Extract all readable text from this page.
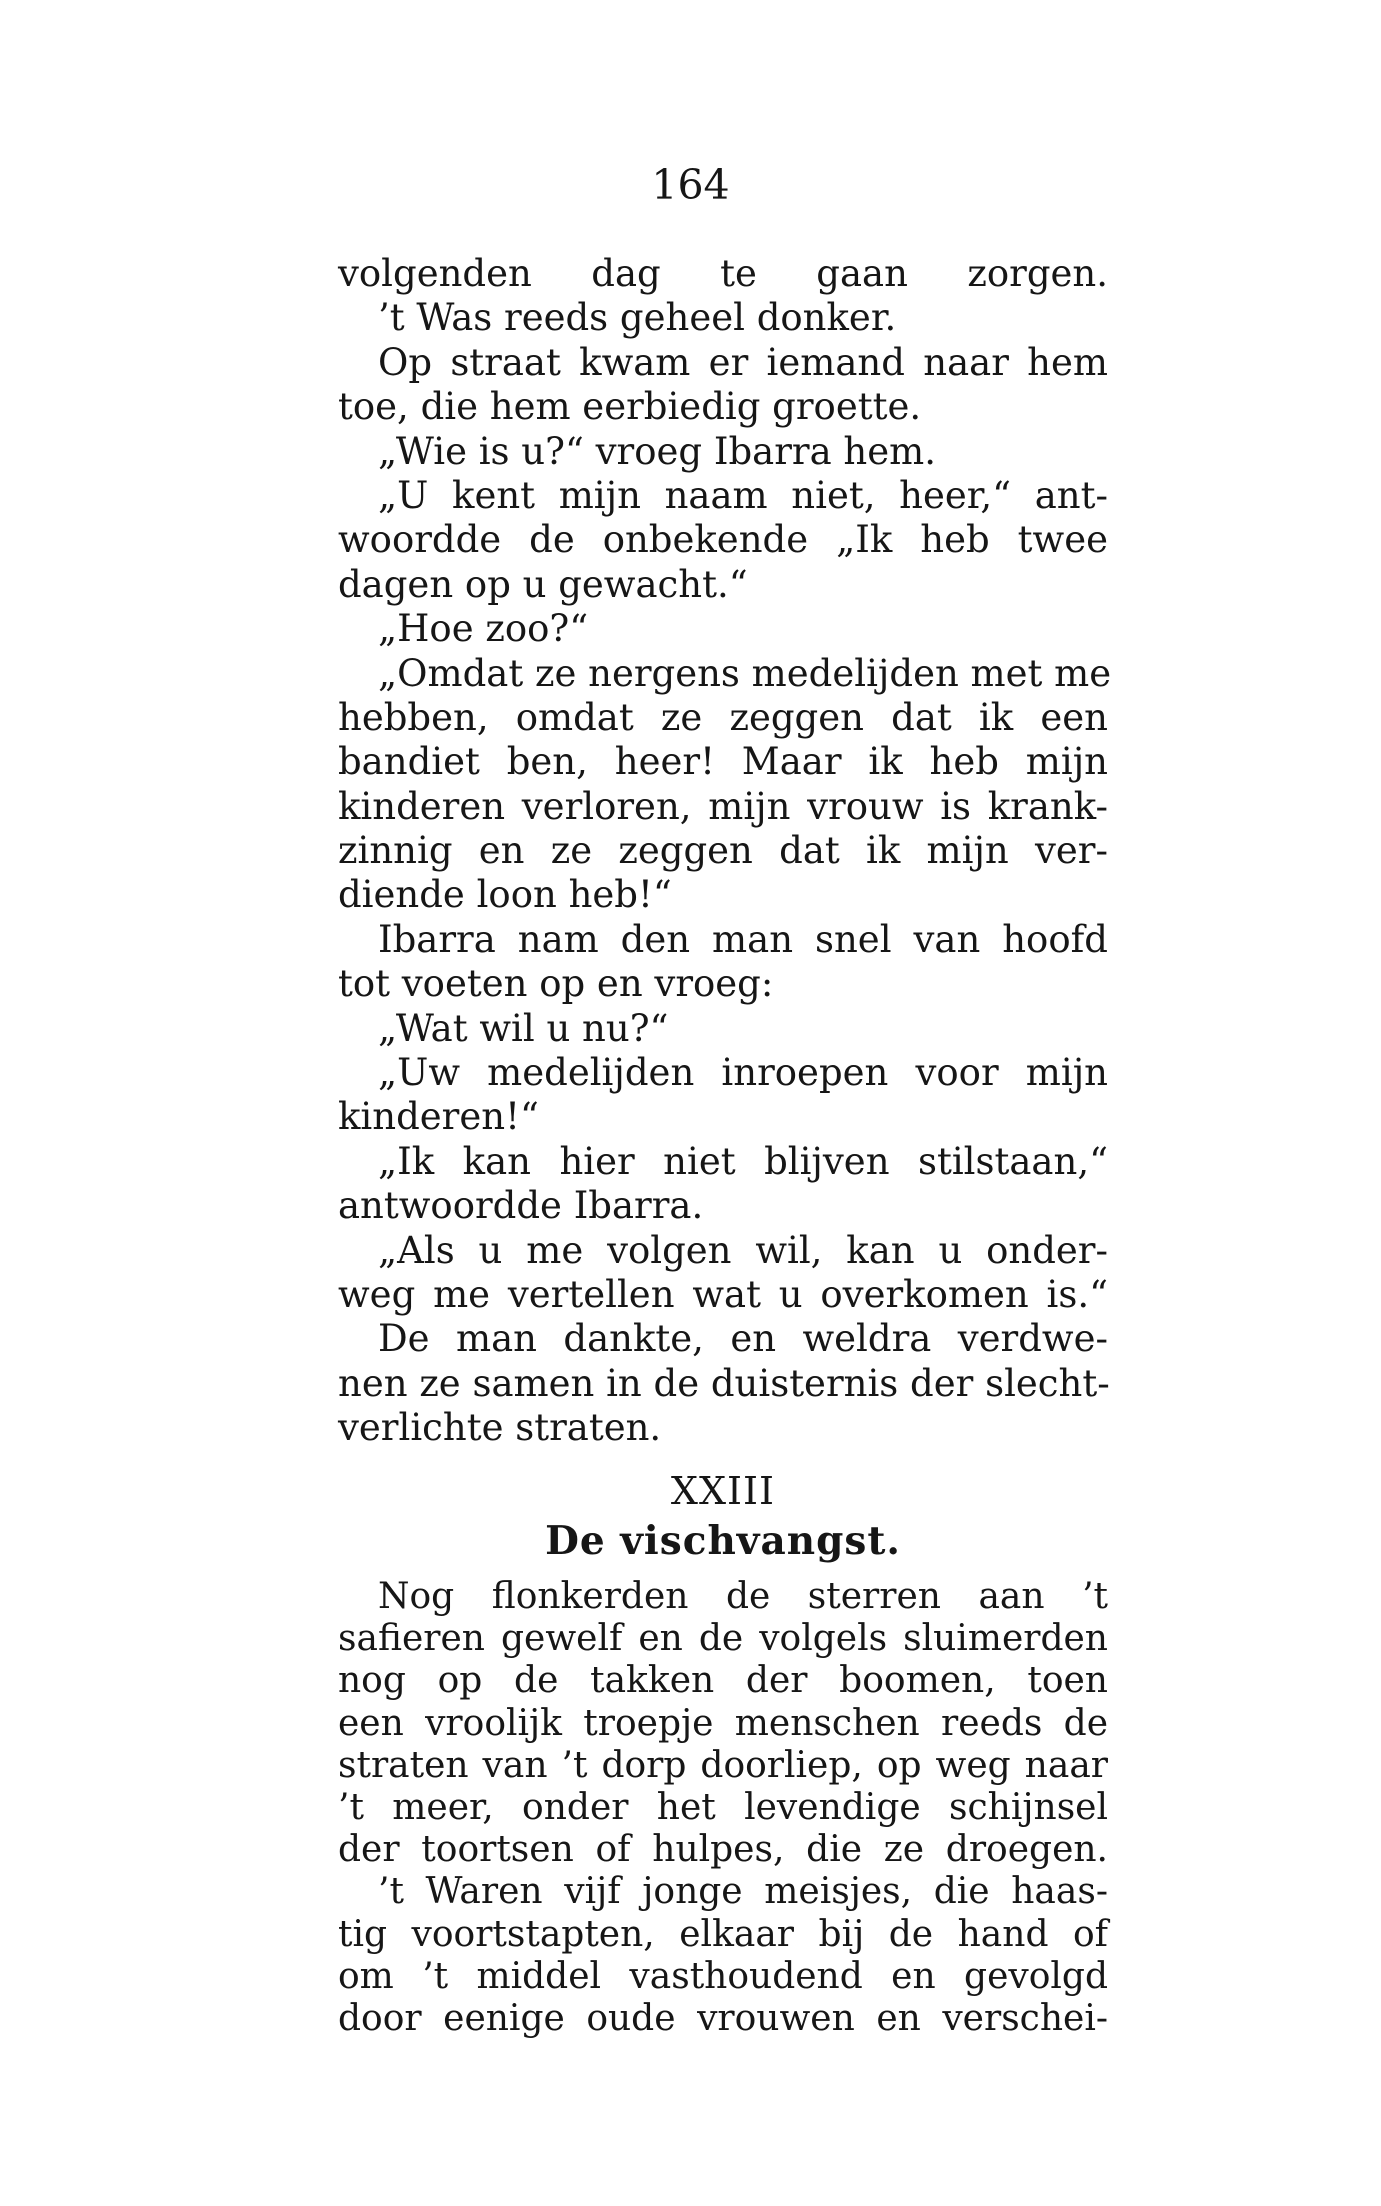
164
volgenden dag te gaan zorgen.
’t Was reeds geheel donker.
Op straat kwam er iemand naar hem
toe, die hem eerbiedig groette.
„Wie is u?“ vroeg Ibarra hem.
„U kent mijn naam niet, heer,“ ant-
woordde de onbekende „Ik heb twee
dagen op u gewacht.“
„Hoe zoo?“
„Omdat ze nergens medelijden met me
hebben, omdat ze zeggen dat ik een
bandiet ben, heer! Maar ik heb mijn
kinderen verloren, mijn vrouw is krank-
zinnig en ze zeggen dat ik mijn ver-
diende loon heb!“
Ibarra nam den man snel van hoofd
tot voeten op en vroeg:
„Wat wil u nu?“
„Uw medelijden inroepen voor mijn
kinderen!“
„Ik kan hier niet blijven stilstaan,“
antwoordde Ibarra.
„Als u me volgen wil, kan u onder-
weg me vertellen wat u overkomen is.“
De man dankte, en weldra verdwe-
nen ze samen in de duisternis der slecht-
verlichte straten.
XXIII
De vischvangst.
Nog flonkerden de sterren aan ’t
safieren gewelf en de volgels sluimerden
nog op de takken der boomen, toen
een vroolijk troepje menschen reeds de
straten van ’t dorp doorliep, op weg naar
’t meer, onder het levendige schijnsel
der toortsen of hulpes, die ze droegen.
’t Waren vijf jonge meisjes, die haas-
tig voortstapten, elkaar bij de hand of
om ’t middel vasthoudend en gevolgd
door eenige oude vrouwen en verschei-
